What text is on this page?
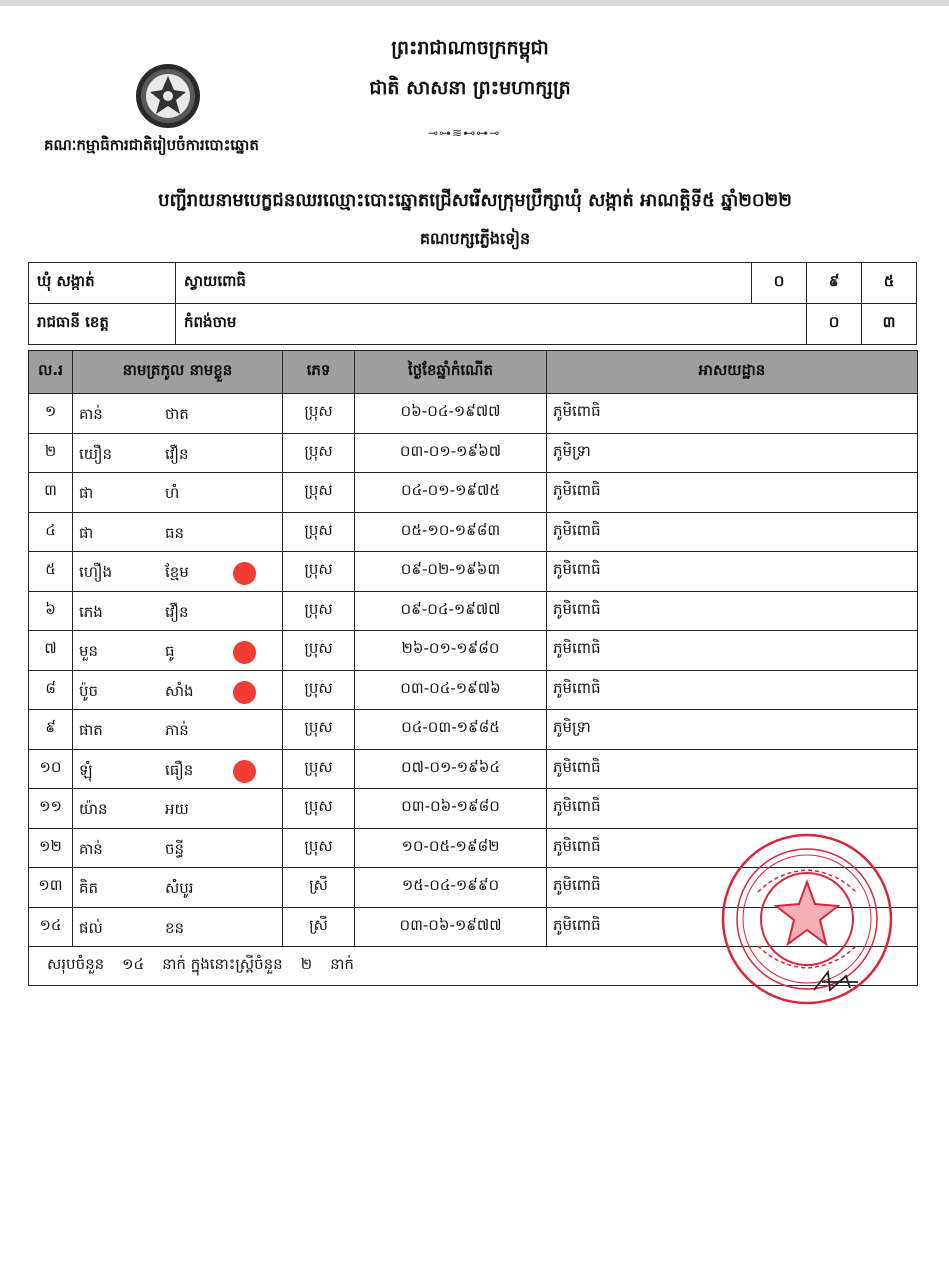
ព្រះរាជាណាចក្រកម្ពុជា
ជាតិ សាសនា ព្រះមហាក្សត្រ
⊸⊶≋⊷⊶⊸
គណៈកម្មាធិការជាតិរៀបចំការបោះឆ្នោត
បញ្ជីរាយនាមបេក្ខជនឈរឈ្មោះបោះឆ្នោតជ្រើសរើសក្រុមប្រឹក្សាឃុំ សង្កាត់ អាណត្តិទី៥ ឆ្នាំ២០២២
គណបក្សភ្លើងទៀន
ឃុំ សង្កាត់	ស្វាយពោធិ	០	៩	៥
រាជធានី ខេត្ត	កំពង់ចាម		០	៣
ល.រ	នាមត្រកូល នាមខ្លួន	ភេទ	ថ្ងៃខែឆ្នាំកំណើត	អាសយដ្ឋាន
១	គាន់ ថាត	ប្រុស	០៦-០៤-១៩៧៧	ភូមិពោធិ
២	យឿន វឿន	ប្រុស	០៣-០១-១៩៦៧	ភូមិទ្រា
៣	ផា ហំ	ប្រុស	០៤-០១-១៩៧៥	ភូមិពោធិ
៤	ផា ធន	ប្រុស	០៥-១០-១៩៨៣	ភូមិពោធិ
៥	ហឿង ខ្មែម	ប្រុស	០៩-០២-១៩៦៣	ភូមិពោធិ
៦	ភេង វឿន	ប្រុស	០៩-០៤-១៩៧៧	ភូមិពោធិ
៧	មួន ធូ	ប្រុស	២៦-០១-១៩៨០	ភូមិពោធិ
៨	ប៉ូច សាំង	ប្រុស	០៣-០៤-១៩៧៦	ភូមិពោធិ
៩	ផាត ភាន់	ប្រុស	០៤-០៣-១៩៨៥	ភូមិទ្រា
១០	ឡុំ ធឿន	ប្រុស	០៧-០១-១៩៦៤	ភូមិពោធិ
១១	យ៉ាន អយ	ប្រុស	០៣-០៦-១៩៨០	ភូមិពោធិ
១២	គាន់ ចន្ធី	ប្រុស	១០-០៥-១៩៨២	ភូមិពោធិ
១៣	គិត សំបូរ	ស្រី	១៥-០៤-១៩៩០	ភូមិពោធិ
១៤	ផល់ ខន	ស្រី	០៣-០៦-១៩៧៧	ភូមិពោធិ

សរុបចំនួន ១៤ នាក់ ក្នុងនោះស្ត្រីចំនួន ២ នាក់				
